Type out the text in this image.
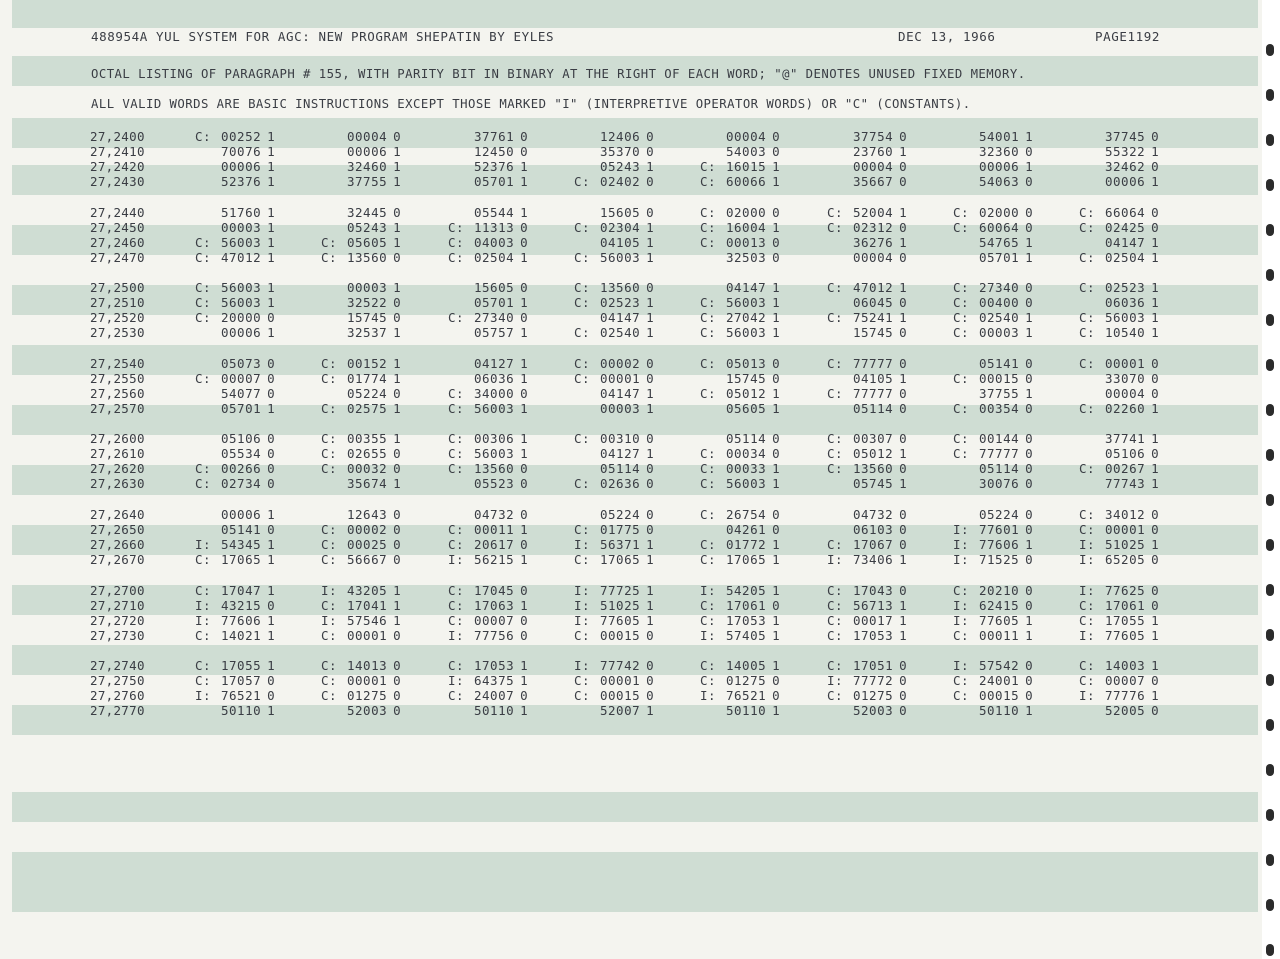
488954A YUL SYSTEM FOR AGC: NEW PROGRAM SHEPATIN BY EYLES	DEC 13, 1966	PAGE1192
OCTAL LISTING OF PARAGRAPH # 155, WITH PARITY BIT IN BINARY AT THE RIGHT OF EACH WORD; "@" DENOTES UNUSED FIXED MEMORY.
ALL VALID WORDS ARE BASIC INSTRUCTIONS EXCEPT THOSE MARKED "I" (INTERPRETIVE OPERATOR WORDS) OR "C" (CONSTANTS).
27,2400	C: 00252 1	00004 0	37761 0	12406 0	00004 0	37754 0	54001 1	37745 0
27,2410	70076 1	00006 1	12450 0	35370 0	54003 0	23760 1	32360 0	55322 1
27,2420	00006 1	32460 1	52376 1	05243 1	C: 16015 1	00004 0	00006 1	32462 0
27,2430	52376 1	37755 1	05701 1	C: 02402 0	C: 60066 1	35667 0	54063 0	00006 1
27,2440	51760 1	32445 0	05544 1	15605 0	C: 02000 0	C: 52004 1	C: 02000 0	C: 66064 0
27,2450	00003 1	05243 1	C: 11313 0	C: 02304 1	C: 16004 1	C: 02312 0	C: 60064 0	C: 02425 0
27,2460	C: 56003 1	C: 05605 1	C: 04003 0	04105 1	C: 00013 0	36276 1	54765 1	04147 1
27,2470	C: 47012 1	C: 13560 0	C: 02504 1	C: 56003 1	32503 0	00004 0	05701 1	C: 02504 1
27,2500	C: 56003 1	00003 1	15605 0	C: 13560 0	04147 1	C: 47012 1	C: 27340 0	C: 02523 1
27,2510	C: 56003 1	32522 0	05701 1	C: 02523 1	C: 56003 1	06045 0	C: 00400 0	06036 1
27,2520	C: 20000 0	15745 0	C: 27340 0	04147 1	C: 27042 1	C: 75241 1	C: 02540 1	C: 56003 1
27,2530	00006 1	32537 1	05757 1	C: 02540 1	C: 56003 1	15745 0	C: 00003 1	C: 10540 1
27,2540	05073 0	C: 00152 1	04127 1	C: 00002 0	C: 05013 0	C: 77777 0	05141 0	C: 00001 0
27,2550	C: 00007 0	C: 01774 1	06036 1	C: 00001 0	15745 0	04105 1	C: 00015 0	33070 0
27,2560	54077 0	05224 0	C: 34000 0	04147 1	C: 05012 1	C: 77777 0	37755 1	00004 0
27,2570	05701 1	C: 02575 1	C: 56003 1	00003 1	05605 1	05114 0	C: 00354 0	C: 02260 1
27,2600	05106 0	C: 00355 1	C: 00306 1	C: 00310 0	05114 0	C: 00307 0	C: 00144 0	37741 1
27,2610	05534 0	C: 02655 0	C: 56003 1	04127 1	C: 00034 0	C: 05012 1	C: 77777 0	05106 0
27,2620	C: 00266 0	C: 00032 0	C: 13560 0	05114 0	C: 00033 1	C: 13560 0	05114 0	C: 00267 1
27,2630	C: 02734 0	35674 1	05523 0	C: 02636 0	C: 56003 1	05745 1	30076 0	77743 1
27,2640	00006 1	12643 0	04732 0	05224 0	C: 26754 0	04732 0	05224 0	C: 34012 0
27,2650	05141 0	C: 00002 0	C: 00011 1	C: 01775 0	04261 0	06103 0	I: 77601 0	C: 00001 0
27,2660	I: 54345 1	C: 00025 0	C: 20617 0	I: 56371 1	C: 01772 1	C: 17067 0	I: 77606 1	I: 51025 1
27,2670	C: 17065 1	C: 56667 0	I: 56215 1	C: 17065 1	C: 17065 1	I: 73406 1	I: 71525 0	I: 65205 0
27,2700	C: 17047 1	I: 43205 1	C: 17045 0	I: 77725 1	I: 54205 1	C: 17043 0	C: 20210 0	I: 77625 0
27,2710	I: 43215 0	C: 17041 1	C: 17063 1	I: 51025 1	C: 17061 0	C: 56713 1	I: 62415 0	C: 17061 0
27,2720	I: 77606 1	I: 57546 1	C: 00007 0	I: 77605 1	C: 17053 1	C: 00017 1	I: 77605 1	C: 17055 1
27,2730	C: 14021 1	C: 00001 0	I: 77756 0	C: 00015 0	I: 57405 1	C: 17053 1	C: 00011 1	I: 77605 1
27,2740	C: 17055 1	C: 14013 0	C: 17053 1	I: 77742 0	C: 14005 1	C: 17051 0	I: 57542 0	C: 14003 1
27,2750	C: 17057 0	C: 00001 0	I: 64375 1	C: 00001 0	C: 01275 0	I: 77772 0	C: 24001 0	C: 00007 0
27,2760	I: 76521 0	C: 01275 0	C: 24007 0	C: 00015 0	I: 76521 0	C: 01275 0	C: 00015 0	I: 77776 1
27,2770	50110 1	52003 0	50110 1	52007 1	50110 1	52003 0	50110 1	52005 0
